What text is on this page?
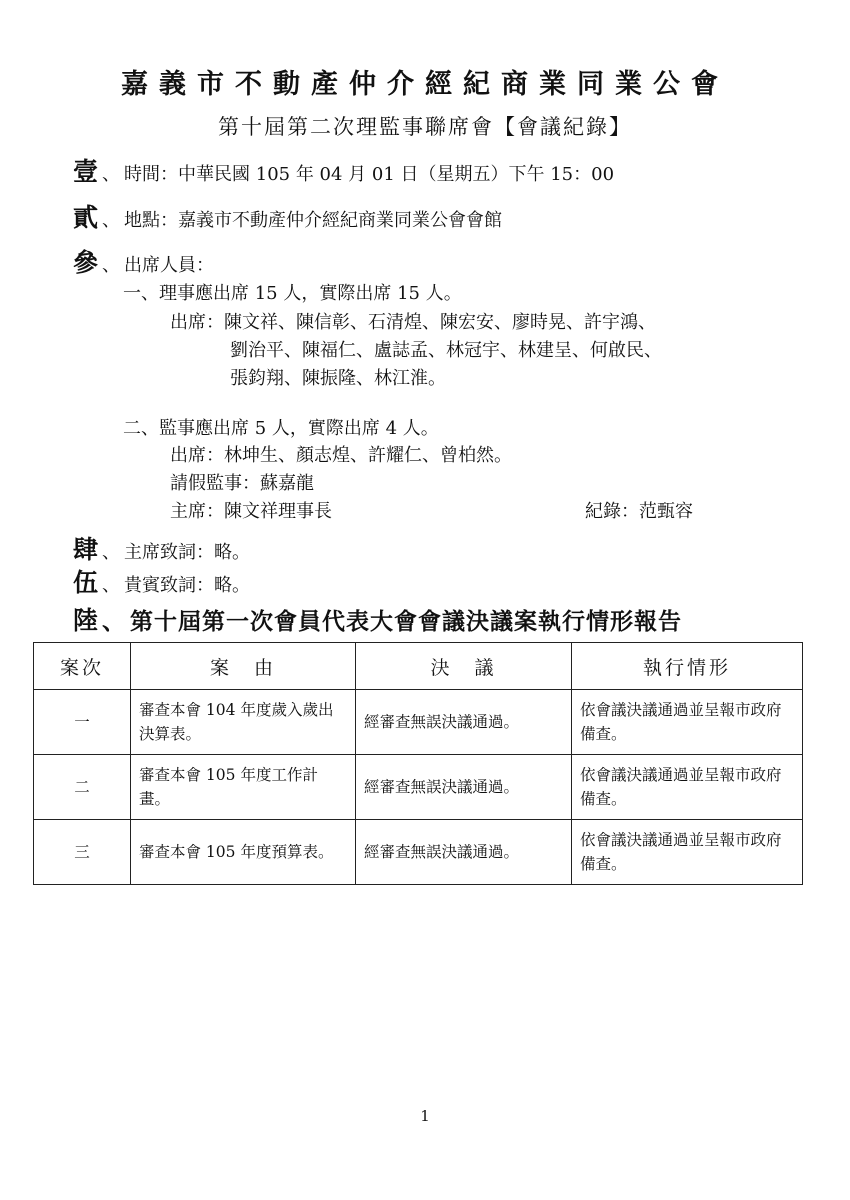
嘉義市不動產仲介經紀商業同業公會
第十屆第二次理監事聯席會【會議紀錄】
壹 、 時間：中華民國 105 年 04 月 01 日（星期五）下午 15：00
貳 、 地點：嘉義市不動產仲介經紀商業同業公會會館
參 、 出席人員：
一、理事應出席 15 人，實際出席 15 人。
出席：陳文祥、陳信彰、石清煌、陳宏安、廖時晃、許宇鴻、
劉治平、陳福仁、盧誌孟、林冠宇、林建呈、何啟民、
張鈞翔、陳振隆、林江淮。
二、監事應出席 5 人，實際出席 4 人。
出席：林坤生、顏志煌、許耀仁、曾柏然。
請假監事：蘇嘉龍
主席：陳文祥理事長	紀錄：范甄容
肆 、 主席致詞：略。
伍 、 貴賓致詞：略。
陸 、 第十屆第一次會員代表大會會議決議案執行情形報告
案次	案　由	決　議	執行情形
一	審查本會 104 年度歲入歲出決算表。	經審查無誤決議通過。	依會議決議通過並呈報市政府備查。
二	審查本會 105 年度工作計畫。	經審查無誤決議通過。	依會議決議通過並呈報市政府備查。
三	審查本會 105 年度預算表。	經審查無誤決議通過。	依會議決議通過並呈報市政府備查。
1
